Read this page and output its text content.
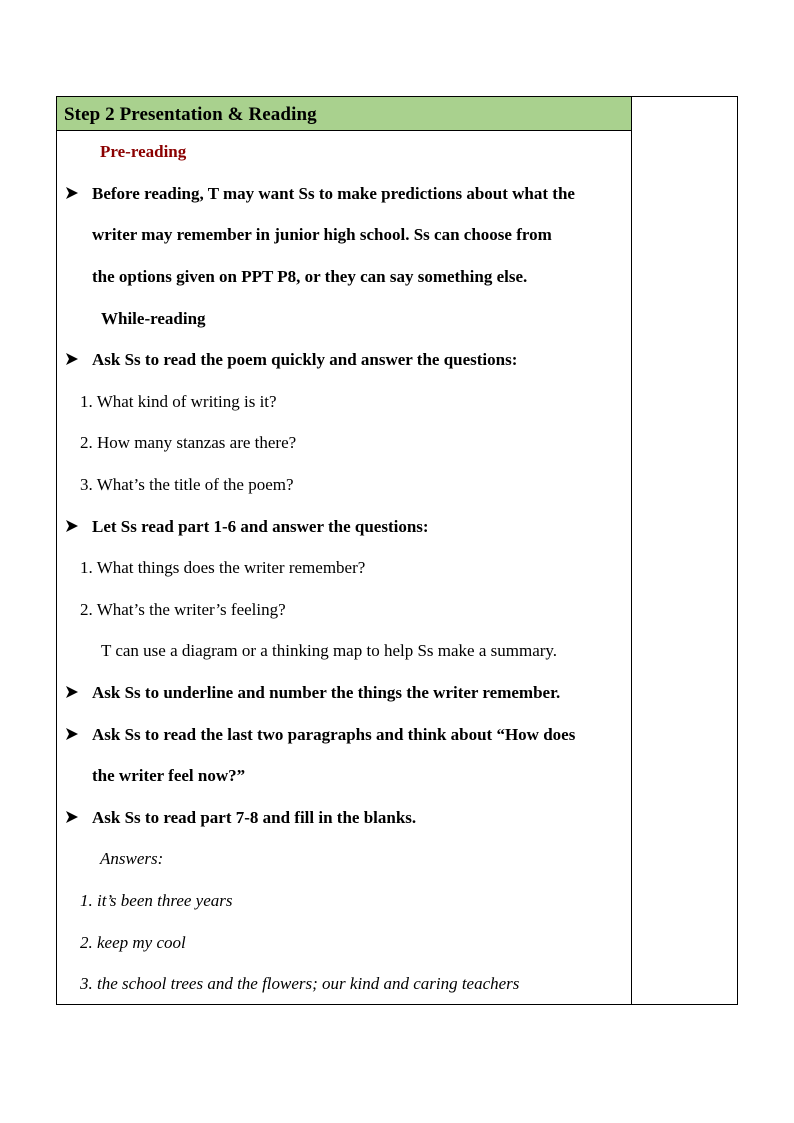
Step 2 Presentation & Reading
Pre-reading
Before reading, T may want Ss to make predictions about what the
writer may remember in junior high school. Ss can choose from
the options given on PPT P8, or they can say something else.
While-reading
Ask Ss to read the poem quickly and answer the questions:
1. What kind of writing is it?
2. How many stanzas are there?
3. What’s the title of the poem?
Let Ss read part 1-6 and answer the questions:
1. What things does the writer remember?
2. What’s the writer’s feeling?
T can use a diagram or a thinking map to help Ss make a summary.
Ask Ss to underline and number the things the writer remember.
Ask Ss to read the last two paragraphs and think about “How does
the writer feel now?”
Ask Ss to read part 7-8 and fill in the blanks.
Answers:
1. it’s been three years
2. keep my cool
3. the school trees and the flowers; our kind and caring teachers
